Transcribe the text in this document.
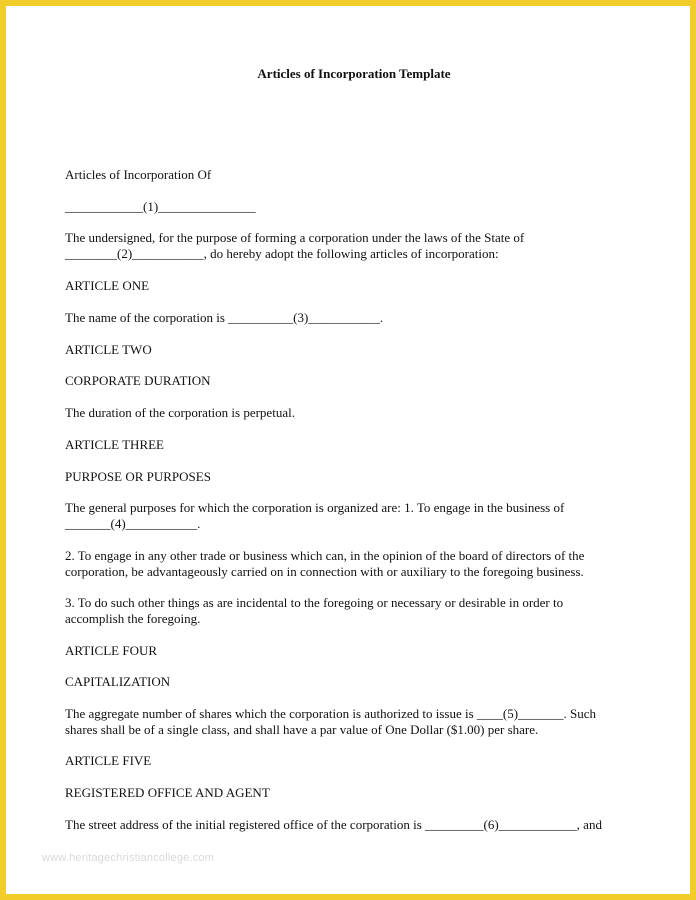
Articles of Incorporation Template
Articles of Incorporation Of
____________(1)_______________
The undersigned, for the purpose of forming a corporation under the laws of the State of
________(2)___________, do hereby adopt the following articles of incorporation:
ARTICLE ONE
The name of the corporation is __________(3)___________.
ARTICLE TWO
CORPORATE DURATION
The duration of the corporation is perpetual.
ARTICLE THREE
PURPOSE OR PURPOSES
The general purposes for which the corporation is organized are: 1. To engage in the business of
_______(4)___________.
2. To engage in any other trade or business which can, in the opinion of the board of directors of the
corporation, be advantageously carried on in connection with or auxiliary to the foregoing business.
3. To do such other things as are incidental to the foregoing or necessary or desirable in order to
accomplish the foregoing.
ARTICLE FOUR
CAPITALIZATION
The aggregate number of shares which the corporation is authorized to issue is ____(5)_______. Such
shares shall be of a single class, and shall have a par value of One Dollar ($1.00) per share.
ARTICLE FIVE
REGISTERED OFFICE AND AGENT
The street address of the initial registered office of the corporation is _________(6)____________, and
www.heritagechristiancollege.com
